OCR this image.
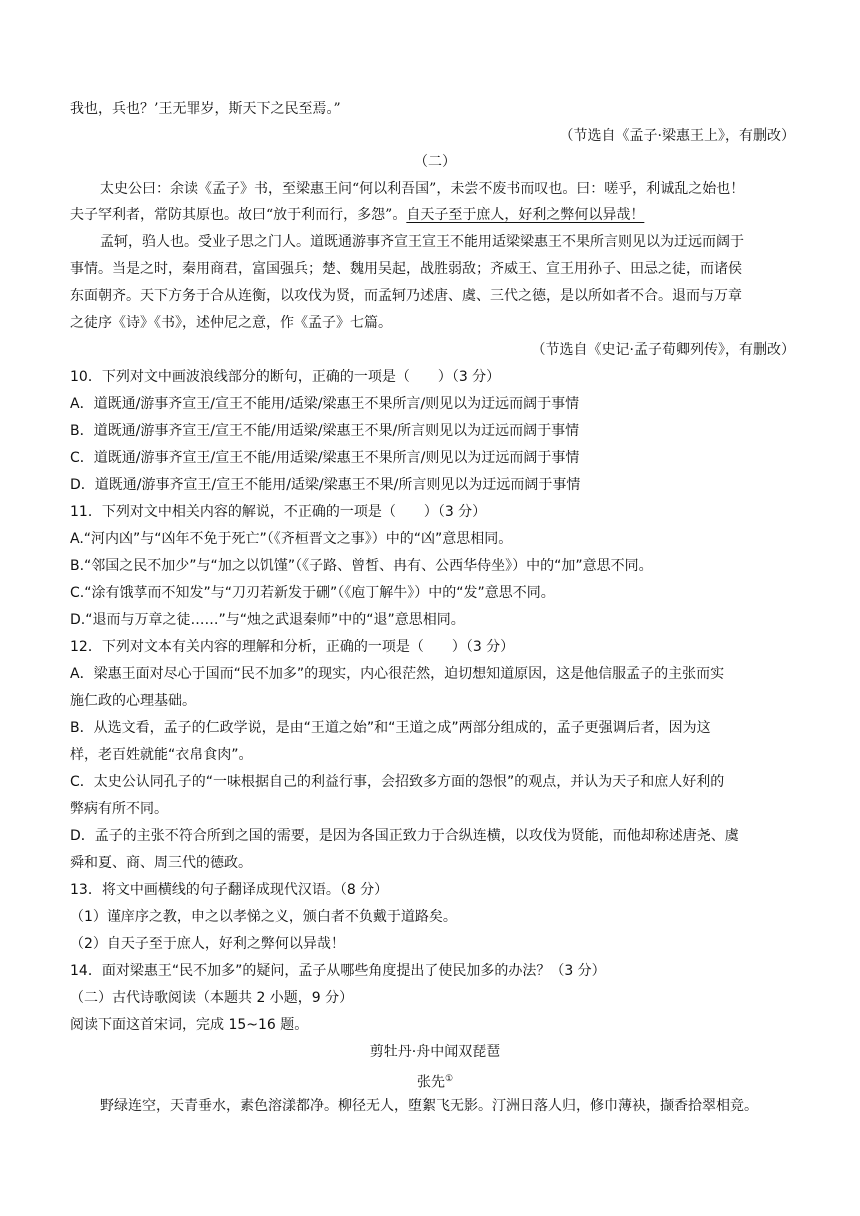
我也，兵也？’王无罪岁，斯天下之民至焉。”
（节选自《孟子·梁惠王上》，有删改）
（二）
太史公曰：余读《孟子》书，至梁惠王问“何以利吾国”，未尝不废书而叹也。曰：嗟乎，利诚乱之始也！
夫子罕利者，常防其原也。故曰“放于利而行，多怨”。自天子至于庶人，好利之弊何以异哉！
孟轲，驺人也。受业子思之门人。道既通游事齐宣王宣王不能用适梁梁惠王不果所言则见以为迂远而阔于
事情。当是之时，秦用商君，富国强兵；楚、魏用吴起，战胜弱敌；齐威王、宣王用孙子、田忌之徒，而诸侯
东面朝齐。天下方务于合从连衡，以攻伐为贤，而孟轲乃述唐、虞、三代之德，是以所如者不合。退而与万章
之徒序《诗》《书》，述仲尼之意，作《孟子》七篇。
（节选自《史记·孟子荀卿列传》，有删改）
10．下列对文中画波浪线部分的断句，正确的一项是（　　）（3 分）
A．道既通/游事齐宣王/宣王不能用/适梁/梁惠王不果所言/则见以为迂远而阔于事情
B．道既通/游事齐宣王/宣王不能/用适梁/梁惠王不果/所言则见以为迂远而阔于事情
C．道既通/游事齐宣王/宣王不能/用适梁/梁惠王不果所言/则见以为迂远而阔于事情
D．道既通/游事齐宣王/宣王不能用/适梁/梁惠王不果/所言则见以为迂远而阔于事情
11．下列对文中相关内容的解说，不正确的一项是（　　）（3 分）
A.“河内凶”与“凶年不免于死亡”（《齐桓晋文之事》）中的“凶”意思相同。
B.“邻国之民不加少”与“加之以饥馑”（《子路、曾皙、冉有、公西华侍坐》）中的“加”意思不同。
C.“涂有饿莩而不知发”与“刀刃若新发于硎”（《庖丁解牛》）中的“发”意思不同。
D.“退而与万章之徒……”与“烛之武退秦师”中的“退”意思相同。
12．下列对文本有关内容的理解和分析，正确的一项是（　　）（3 分）
A．梁惠王面对尽心于国而“民不加多”的现实，内心很茫然，迫切想知道原因，这是他信服孟子的主张而实
施仁政的心理基础。
B．从选文看，孟子的仁政学说，是由“王道之始”和“王道之成”两部分组成的，孟子更强调后者，因为这
样，老百姓就能“衣帛食肉”。
C．太史公认同孔子的“一味根据自己的利益行事，会招致多方面的怨恨”的观点，并认为天子和庶人好利的
弊病有所不同。
D．孟子的主张不符合所到之国的需要，是因为各国正致力于合纵连横，以攻伐为贤能，而他却称述唐尧、虞
舜和夏、商、周三代的德政。
13．将文中画横线的句子翻译成现代汉语。（8 分）
（1）谨庠序之教，申之以孝悌之义，颁白者不负戴于道路矣。
（2）自天子至于庶人，好利之弊何以异哉！
14．面对梁惠王“民不加多”的疑问，孟子从哪些角度提出了使民加多的办法？（3 分）
（二）古代诗歌阅读（本题共 2 小题，9 分）
阅读下面这首宋词，完成 15~16 题。
剪牡丹·舟中闻双琵琶
张先①
野绿连空，天青垂水，素色溶漾都净。柳径无人，堕絮飞无影。汀洲日落人归，修巾薄袂，撷香拾翠相竞。
